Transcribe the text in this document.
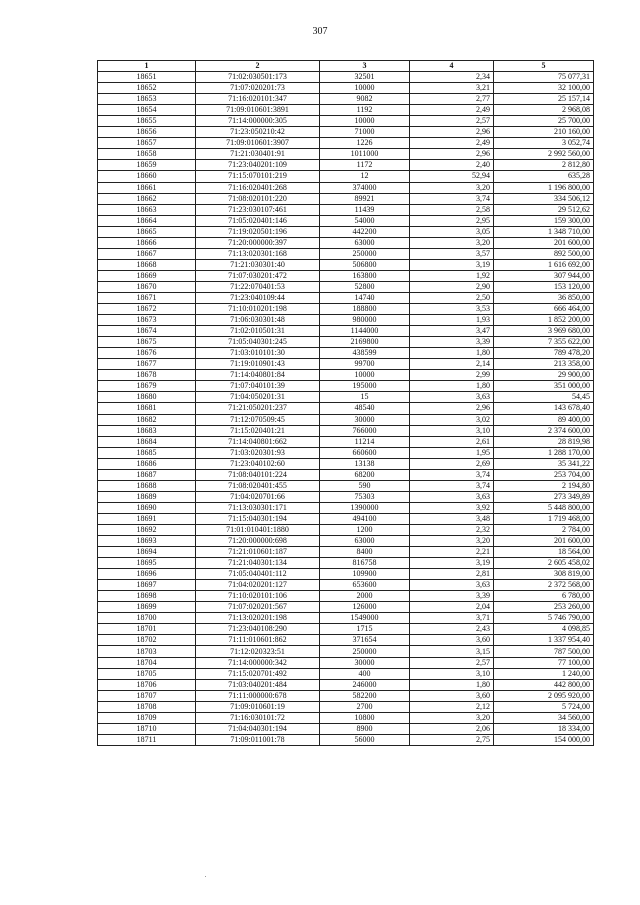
307
1	2	3	4	5
18651	71:02:030501:173	32501	2,34	75 077,31
18652	71:07:020201:73	10000	3,21	32 100,00
18653	71:16:020101:347	9082	2,77	25 157,14
18654	71:09:010601:3891	1192	2,49	2 968,08
18655	71:14:000000:305	10000	2,57	25 700,00
18656	71:23:050210:42	71000	2,96	210 160,00
18657	71:09:010601:3907	1226	2,49	3 052,74
18658	71:21:030401:91	1011000	2,96	2 992 560,00
18659	71:23:040201:109	1172	2,40	2 812,80
18660	71:15:070101:219	12	52,94	635,28
18661	71:16:020401:268	374000	3,20	1 196 800,00
18662	71:08:020101:220	89921	3,74	334 506,12
18663	71:23:030107:461	11439	2,58	29 512,62
18664	71:05:020401:146	54000	2,95	159 300,00
18665	71:19:020501:196	442200	3,05	1 348 710,00
18666	71:20:000000:397	63000	3,20	201 600,00
18667	71:13:020301:168	250000	3,57	892 500,00
18668	71:21:030301:40	506800	3,19	1 616 692,00
18669	71:07:030201:472	163800	1,92	307 944,00
18670	71:22:070401:53	52800	2,90	153 120,00
18671	71:23:040109:44	14740	2,50	36 850,00
18672	71:10:010201:198	188800	3,53	666 464,00
18673	71:06:030301:48	980000	1,93	1 852 200,00
18674	71:02:010501:31	1144000	3,47	3 969 680,00
18675	71:05:040301:245	2169800	3,39	7 355 622,00
18676	71:03:010101:30	438599	1,80	789 478,20
18677	71:19:010901:43	99700	2,14	213 358,00
18678	71:14:040801:84	10000	2,99	29 900,00
18679	71:07:040101:39	195000	1,80	351 000,00
18680	71:04:050201:31	15	3,63	54,45
18681	71:21:050201:237	48540	2,96	143 678,40
18682	71:12:070509:45	30000	3,02	89 400,00
18683	71:15:020401:21	766000	3,10	2 374 600,00
18684	71:14:040801:662	11214	2,61	28 819,98
18685	71:03:020301:93	660600	1,95	1 288 170,00
18686	71:23:040102:60	13138	2,69	35 341,22
18687	71:08:040101:224	68200	3,74	253 704,00
18688	71:08:020401:455	590	3,74	2 194,80
18689	71:04:020701:66	75303	3,63	273 349,89
18690	71:13:030301:171	1390000	3,92	5 448 800,00
18691	71:15:040301:194	494100	3,48	1 719 468,00
18692	71:01:010401:1880	1200	2,32	2 784,00
18693	71:20:000000:698	63000	3,20	201 600,00
18694	71:21:010601:187	8400	2,21	18 564,00
18695	71:21:040301:134	816758	3,19	2 605 458,02
18696	71:05:040401:112	109900	2,81	308 819,00
18697	71:04:020201:127	653600	3,63	2 372 568,00
18698	71:10:020101:106	2000	3,39	6 780,00
18699	71:07:020201:567	126000	2,04	253 260,00
18700	71:13:020201:198	1549000	3,71	5 746 790,00
18701	71:23:040108:290	1715	2,43	4 098,85
18702	71:11:010601:862	371654	3,60	1 337 954,40
18703	71:12:020323:51	250000	3,15	787 500,00
18704	71:14:000000:342	30000	2,57	77 100,00
18705	71:15:020701:492	400	3,10	1 240,00
18706	71:03:040201:484	246000	1,80	442 800,00
18707	71:11:000000:678	582200	3,60	2 095 920,00
18708	71:09:010601:19	2700	2,12	5 724,00
18709	71:16:030101:72	10800	3,20	34 560,00
18710	71:04:040301:194	8900	2,06	18 334,00
18711	71:09:011001:78	56000	2,75	154 000,00
